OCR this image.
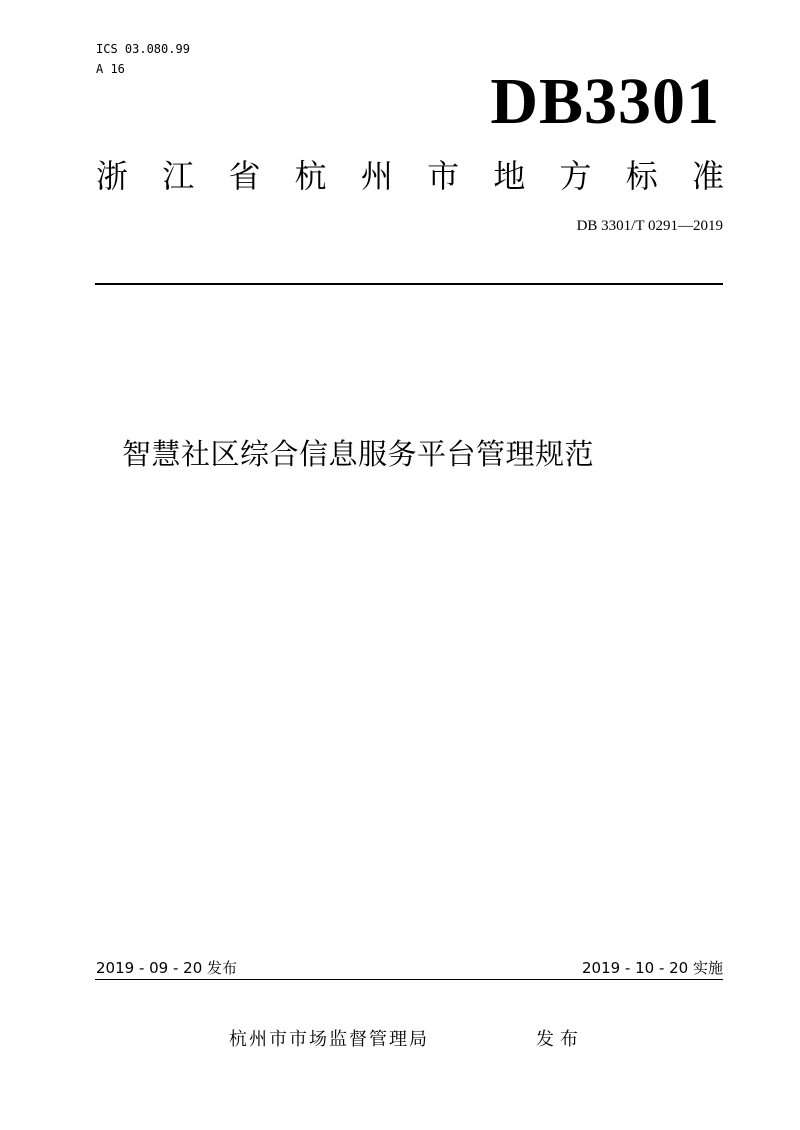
ICS 03.080.99
A 16	DB3301
浙 江 省 杭 州 市 地 方 标 准
DB 3301/T 0291—2019
智慧社区综合信息服务平台管理规范
2019 - 09 - 20 发布	2019 - 10 - 20 实施
杭州市市场监督管理局	发布
